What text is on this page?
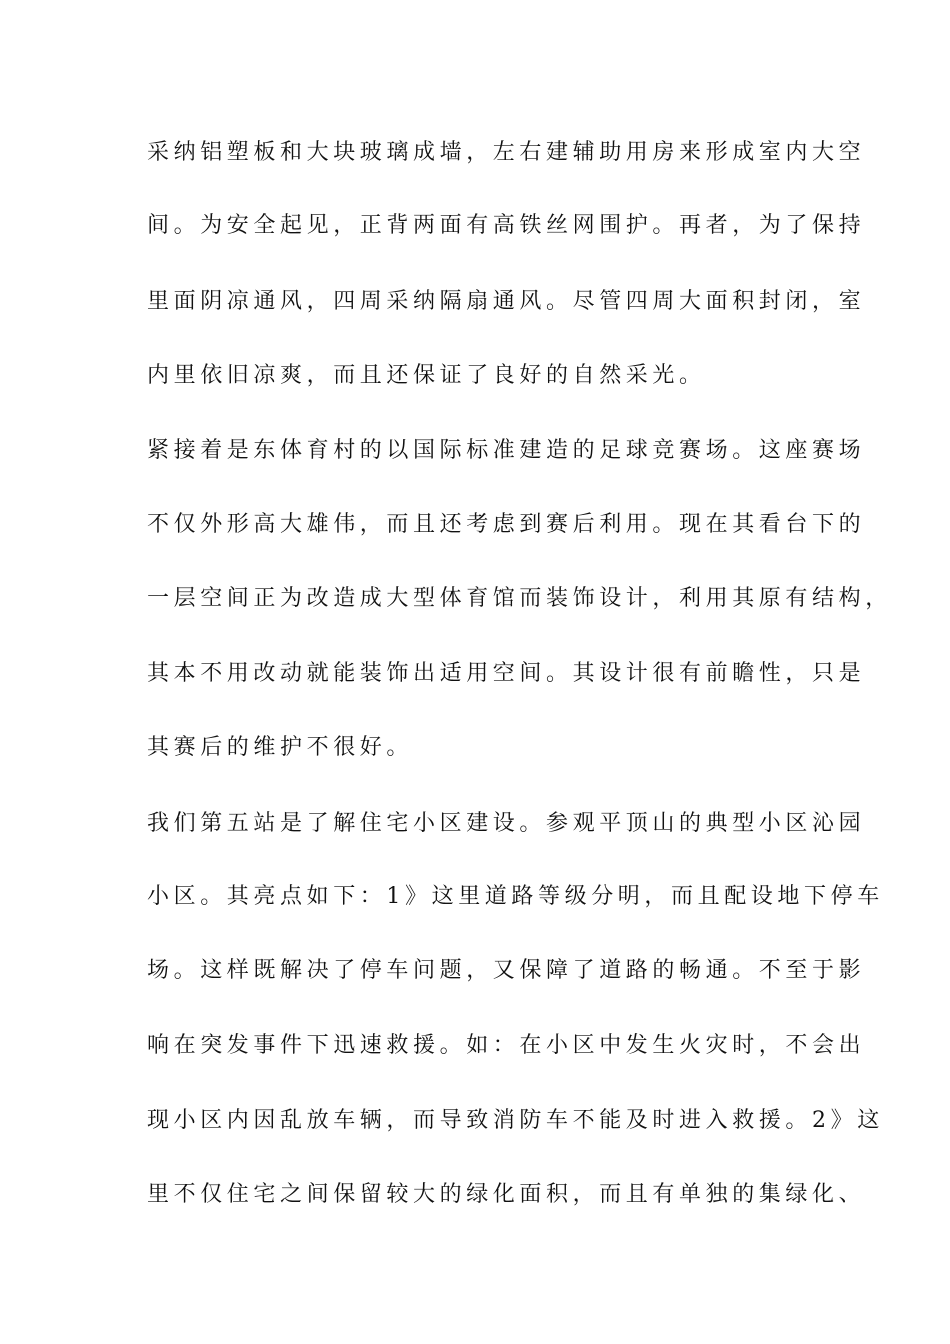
采纳铝塑板和大块玻璃成墙，左右建辅助用房来形成室内大空
间。为安全起见，正背两面有高铁丝网围护。再者，为了保持
里面阴凉通风，四周采纳隔扇通风。尽管四周大面积封闭，室
内里依旧凉爽，而且还保证了良好的自然采光。
紧接着是东体育村的以国际标准建造的足球竞赛场。这座赛场
不仅外形高大雄伟，而且还考虑到赛后利用。现在其看台下的
一层空间正为改造成大型体育馆而装饰设计，利用其原有结构，
其本不用改动就能装饰出适用空间。其设计很有前瞻性，只是
其赛后的维护不很好。
我们第五站是了解住宅小区建设。参观平顶山的典型小区沁园
小区。其亮点如下：1》这里道路等级分明，而且配设地下停车
场。这样既解决了停车问题，又保障了道路的畅通。不至于影
响在突发事件下迅速救援。如：在小区中发生火灾时，不会出
现小区内因乱放车辆，而导致消防车不能及时进入救援。2》这
里不仅住宅之间保留较大的绿化面积，而且有单独的集绿化、
